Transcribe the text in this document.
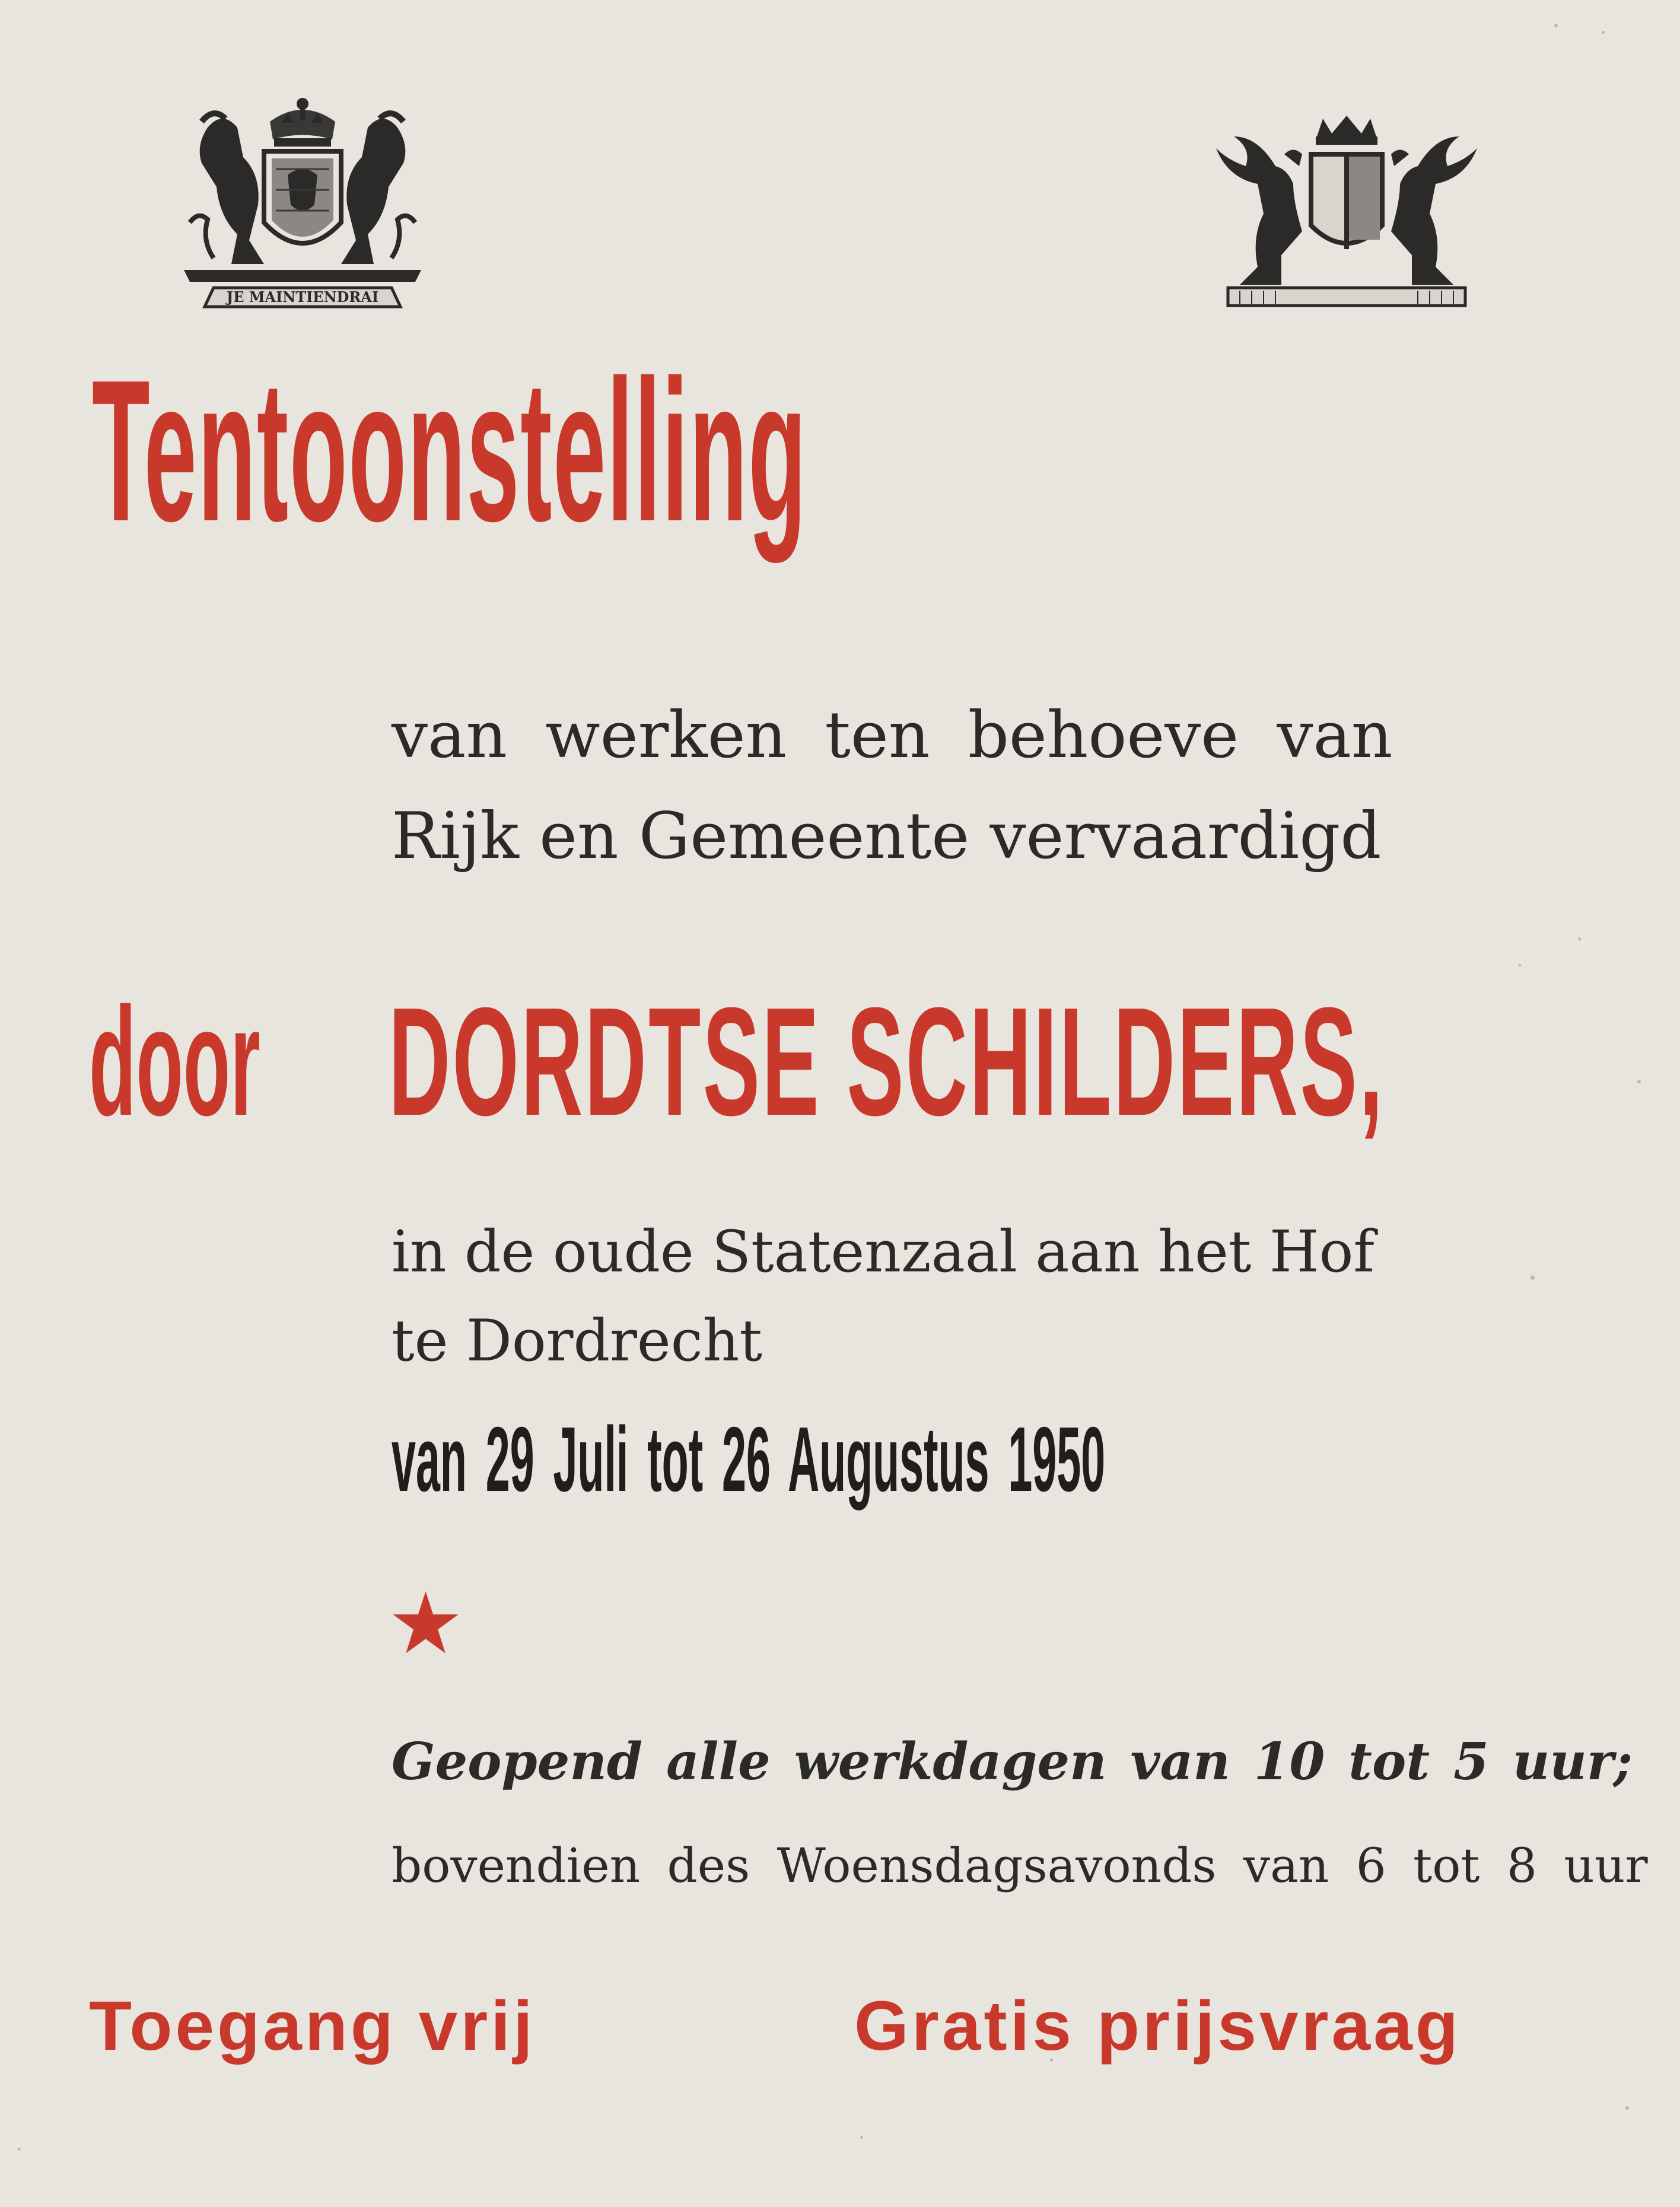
JE MAINTIENDRAI
Tentoonstelling

van werken ten behoeve van

Rijk en Gemeente vervaardigd

door DORDTSE SCHILDERS,

in de oude Statenzaal aan het Hof

te Dordrecht

van 29 Juli tot 26 Augustus 1950

Geopend alle werkdagen van 10 tot 5 uur;

bovendien des Woensdagsavonds van 6 tot 8 uur

Toegang vrij	Gratis prijsvraag
